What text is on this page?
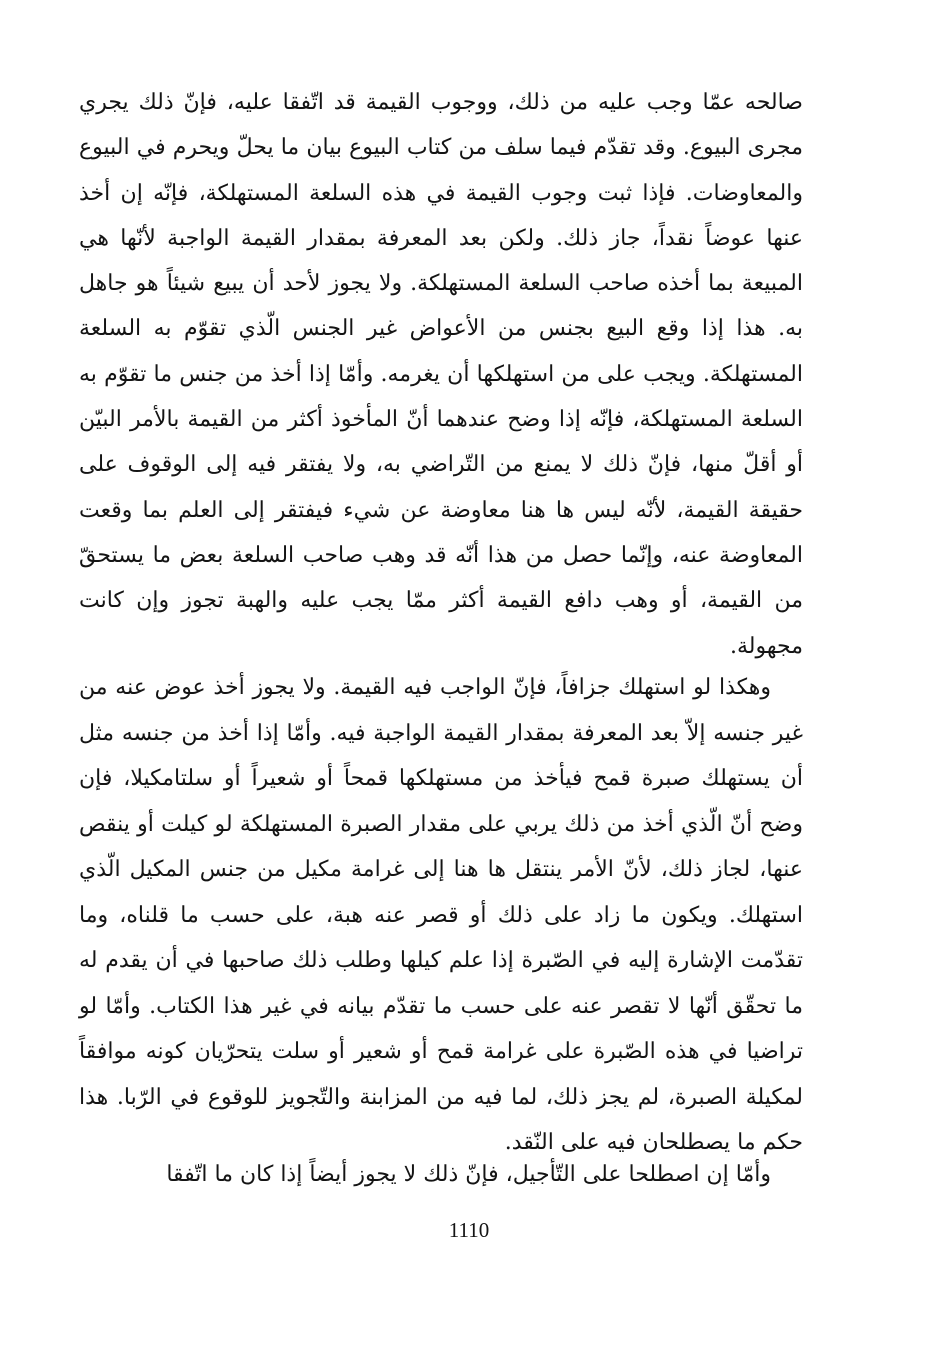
صالحه عمّا وجب عليه من ذلك، ووجوب القيمة قد اتّفقا عليه، فإنّ ذلك يجري مجرى البيوع. وقد تقدّم فيما سلف من كتاب البيوع بيان ما يحلّ ويحرم في البيوع والمعاوضات. فإذا ثبت وجوب القيمة في هذه السلعة المستهلكة، فإنّه إن أخذ عنها عوضاً نقداً، جاز ذلك. ولكن بعد المعرفة بمقدار القيمة الواجبة لأنّها هي المبيعة بما أخذه صاحب السلعة المستهلكة. ولا يجوز لأحد أن يبيع شيئاً هو جاهل به. هذا إذا وقع البيع بجنس من الأعواض غير الجنس الّذي تقوّم به السلعة المستهلكة. ويجب على من استهلكها أن يغرمه. وأمّا إذا أخذ من جنس ما تقوّم به السلعة المستهلكة، فإنّه إذا وضح عندهما أنّ المأخوذ أكثر من القيمة بالأمر البيّن أو أقلّ منها، فإنّ ذلك لا يمنع من التّراضي به، ولا يفتقر فيه إلى الوقوف على حقيقة القيمة، لأنّه ليس ها هنا معاوضة عن شيء فيفتقر إلى العلم بما وقعت المعاوضة عنه، وإنّما حصل من هذا أنّه قد وهب صاحب السلعة بعض ما يستحقّ من القيمة، أو وهب دافع القيمة أكثر ممّا يجب عليه والهبة تجوز وإن كانت مجهولة.

وهكذا لو استهلك جزافاً، فإنّ الواجب فيه القيمة. ولا يجوز أخذ عوض عنه من غير جنسه إلاّ بعد المعرفة بمقدار القيمة الواجبة فيه. وأمّا إذا أخذ من جنسه مثل أن يستهلك صبرة قمح فيأخذ من مستهلكها قمحاً أو شعيراً أو سلتامكيلا، فإن وضح أنّ الّذي أخذ من ذلك يربي على مقدار الصبرة المستهلكة لو كيلت أو ينقص عنها، لجاز ذلك، لأنّ الأمر ينتقل ها هنا إلى غرامة مكيل من جنس المكيل الّذي استهلك. ويكون ما زاد على ذلك أو قصر عنه هبة، على حسب ما قلناه، وما تقدّمت الإشارة إليه في الصّبرة إذا علم كيلها وطلب ذلك صاحبها في أن يقدم له ما تحقّق أنّها لا تقصر عنه على حسب ما تقدّم بيانه في غير هذا الكتاب. وأمّا لو تراضيا في هذه الصّبرة على غرامة قمح أو شعير أو سلت يتحرّيان كونه موافقاً لمكيلة الصبرة، لم يجز ذلك، لما فيه من المزابنة والتّجويز للوقوع في الرّبا. هذا حكم ما يصطلحان فيه على النّقد.

وأمّا إن اصطلحا على التّأجيل، فإنّ ذلك لا يجوز أيضاً إذا كان ما اتّفقا

1110
